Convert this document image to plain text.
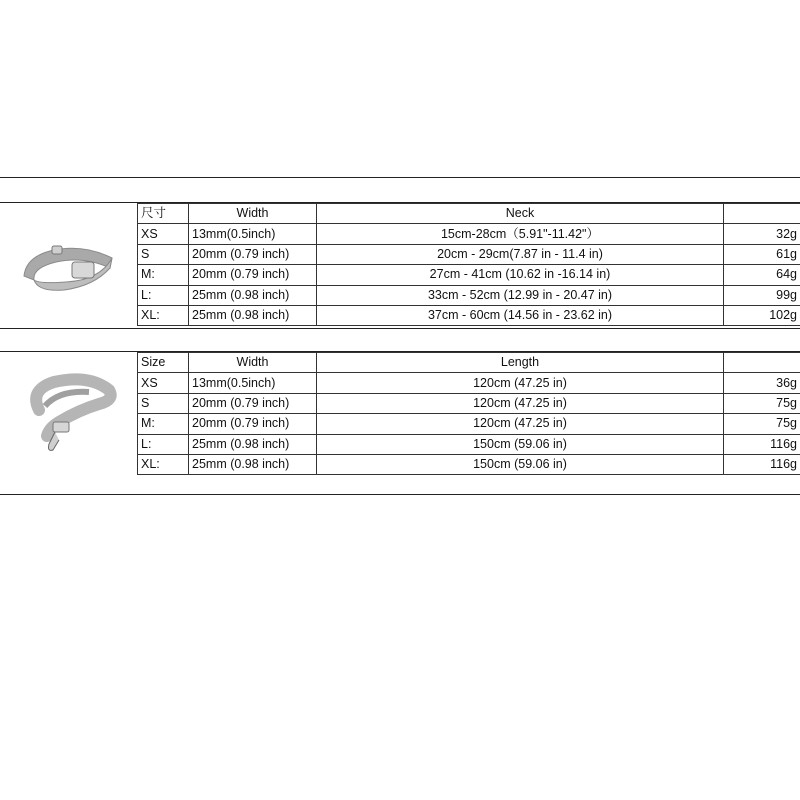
尺寸	Width	Neck	
XS	13mm(0.5inch)	15cm-28cm（5.91"-11.42"）	32g
S	20mm (0.79 inch)	20cm - 29cm(7.87 in - 11.4 in)	61g
M:	20mm (0.79 inch)	27cm - 41cm (10.62 in -16.14 in)	64g
L:	25mm (0.98 inch)	33cm - 52cm (12.99 in - 20.47 in)	99g
XL:	25mm (0.98 inch)	37cm - 60cm (14.56 in - 23.62 in)	102g
Size	Width	Length	
XS	13mm(0.5inch)	120cm (47.25 in)	36g
S	20mm (0.79 inch)	120cm (47.25 in)	75g
M:	20mm (0.79 inch)	120cm (47.25 in)	75g
L:	25mm (0.98 inch)	150cm (59.06 in)	116g
XL:	25mm (0.98 inch)	150cm (59.06 in)	116g
